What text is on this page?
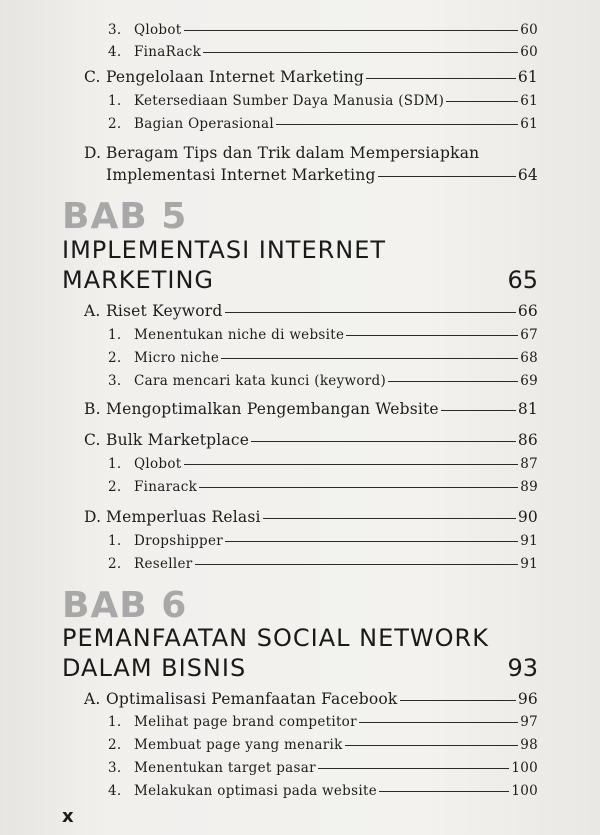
3. Qlobot	60
4. FinaRack	60
C. Pengelolaan Internet Marketing	61
1. Ketersediaan Sumber Daya Manusia (SDM)	61
2. Bagian Operasional	61
D. Beragam Tips dan Trik dalam Mempersiapkan
Implementasi Internet Marketing	64
BAB 5
IMPLEMENTASI INTERNET
MARKETING	65
A. Riset Keyword	66
1. Menentukan niche di website	67
2. Micro niche	68
3. Cara mencari kata kunci (keyword)	69
B. Mengoptimalkan Pengembangan Website	81
C. Bulk Marketplace	86
1. Qlobot	87
2. Finarack	89
D. Memperluas Relasi	90
1. Dropshipper	91
2. Reseller	91
BAB 6
PEMANFAATAN SOCIAL NETWORK
DALAM BISNIS	93
A. Optimalisasi Pemanfaatan Facebook	96
1. Melihat page brand competitor	97
2. Membuat page yang menarik	98
3. Menentukan target pasar	100
4. Melakukan optimasi pada website	100
x
